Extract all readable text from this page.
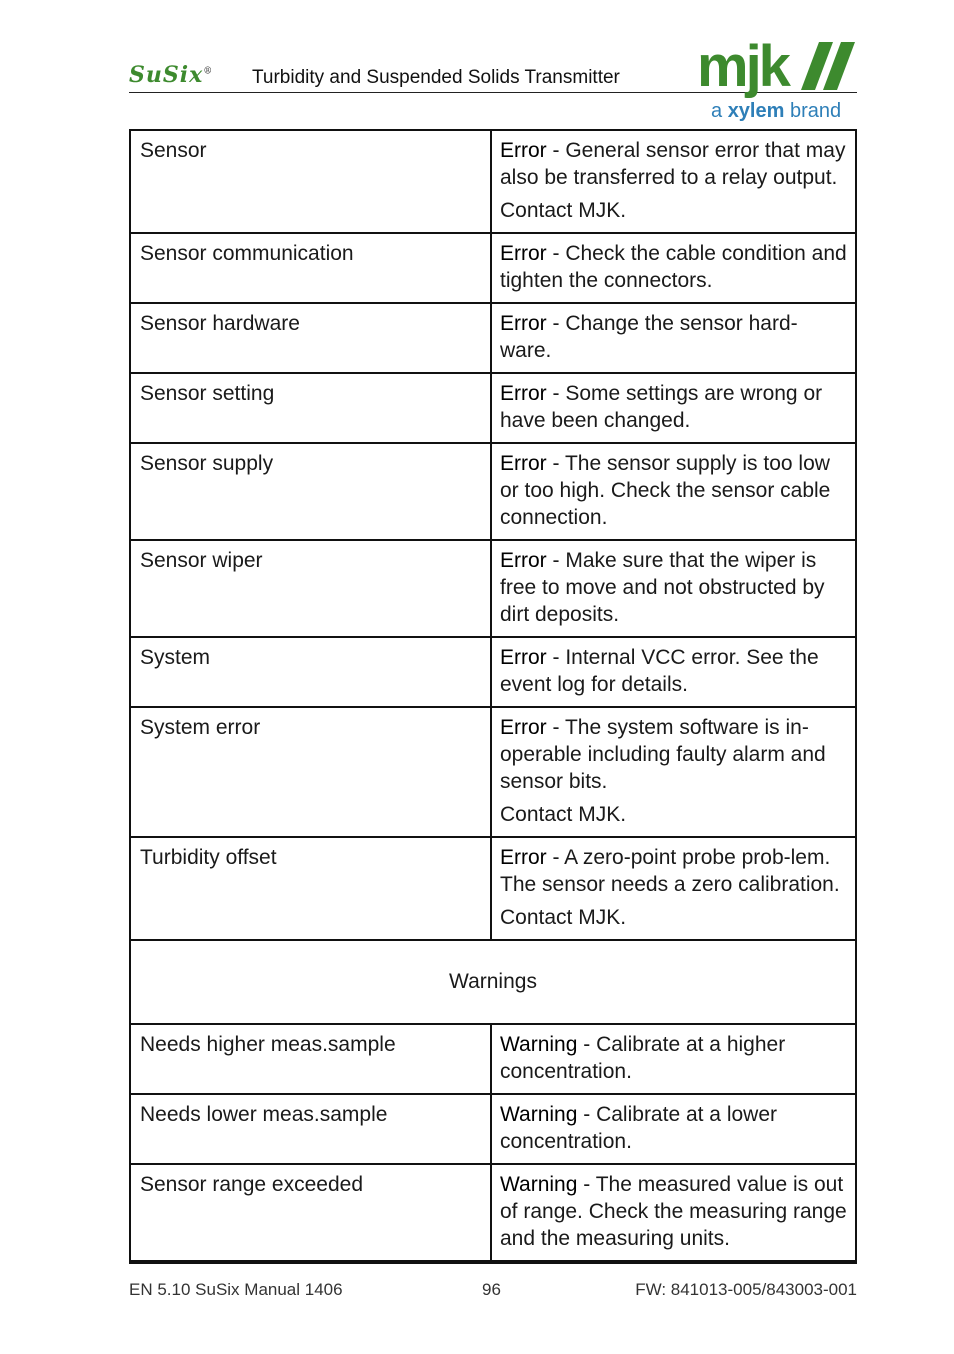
SuSix® Turbidity and Suspended Solids Transmitter mjk
a xylem brand
Sensor	Error - General sensor error that may also be transferred to a relay output.
Contact MJK.
Sensor communication	Error - Check the cable condition and tighten the connectors.
Sensor hardware	Error - Change the sensor hard-ware.
Sensor setting	Error - Some settings are wrong or have been changed.
Sensor supply	Error - The sensor supply is too low or too high. Check the sensor cable connection.
Sensor wiper	Error - Make sure that the wiper is free to move and not obstructed by dirt deposits.
System	Error - Internal VCC error. See the event log for details.
System error	Error - The system software is in-operable including faulty alarm and sensor bits.
Contact MJK.
Turbidity offset	Error - A zero-point probe prob-lem. The sensor needs a zero calibration.
Contact MJK.
Warnings
Needs higher meas.sample	Warning - Calibrate at a higher concentration.
Needs lower meas.sample	Warning - Calibrate at a lower concentration.
Sensor range exceeded	Warning - The measured value is out of range. Check the measuring range and the measuring units.
EN 5.10 SuSix Manual 1406	96	FW: 841013-005/843003-001
